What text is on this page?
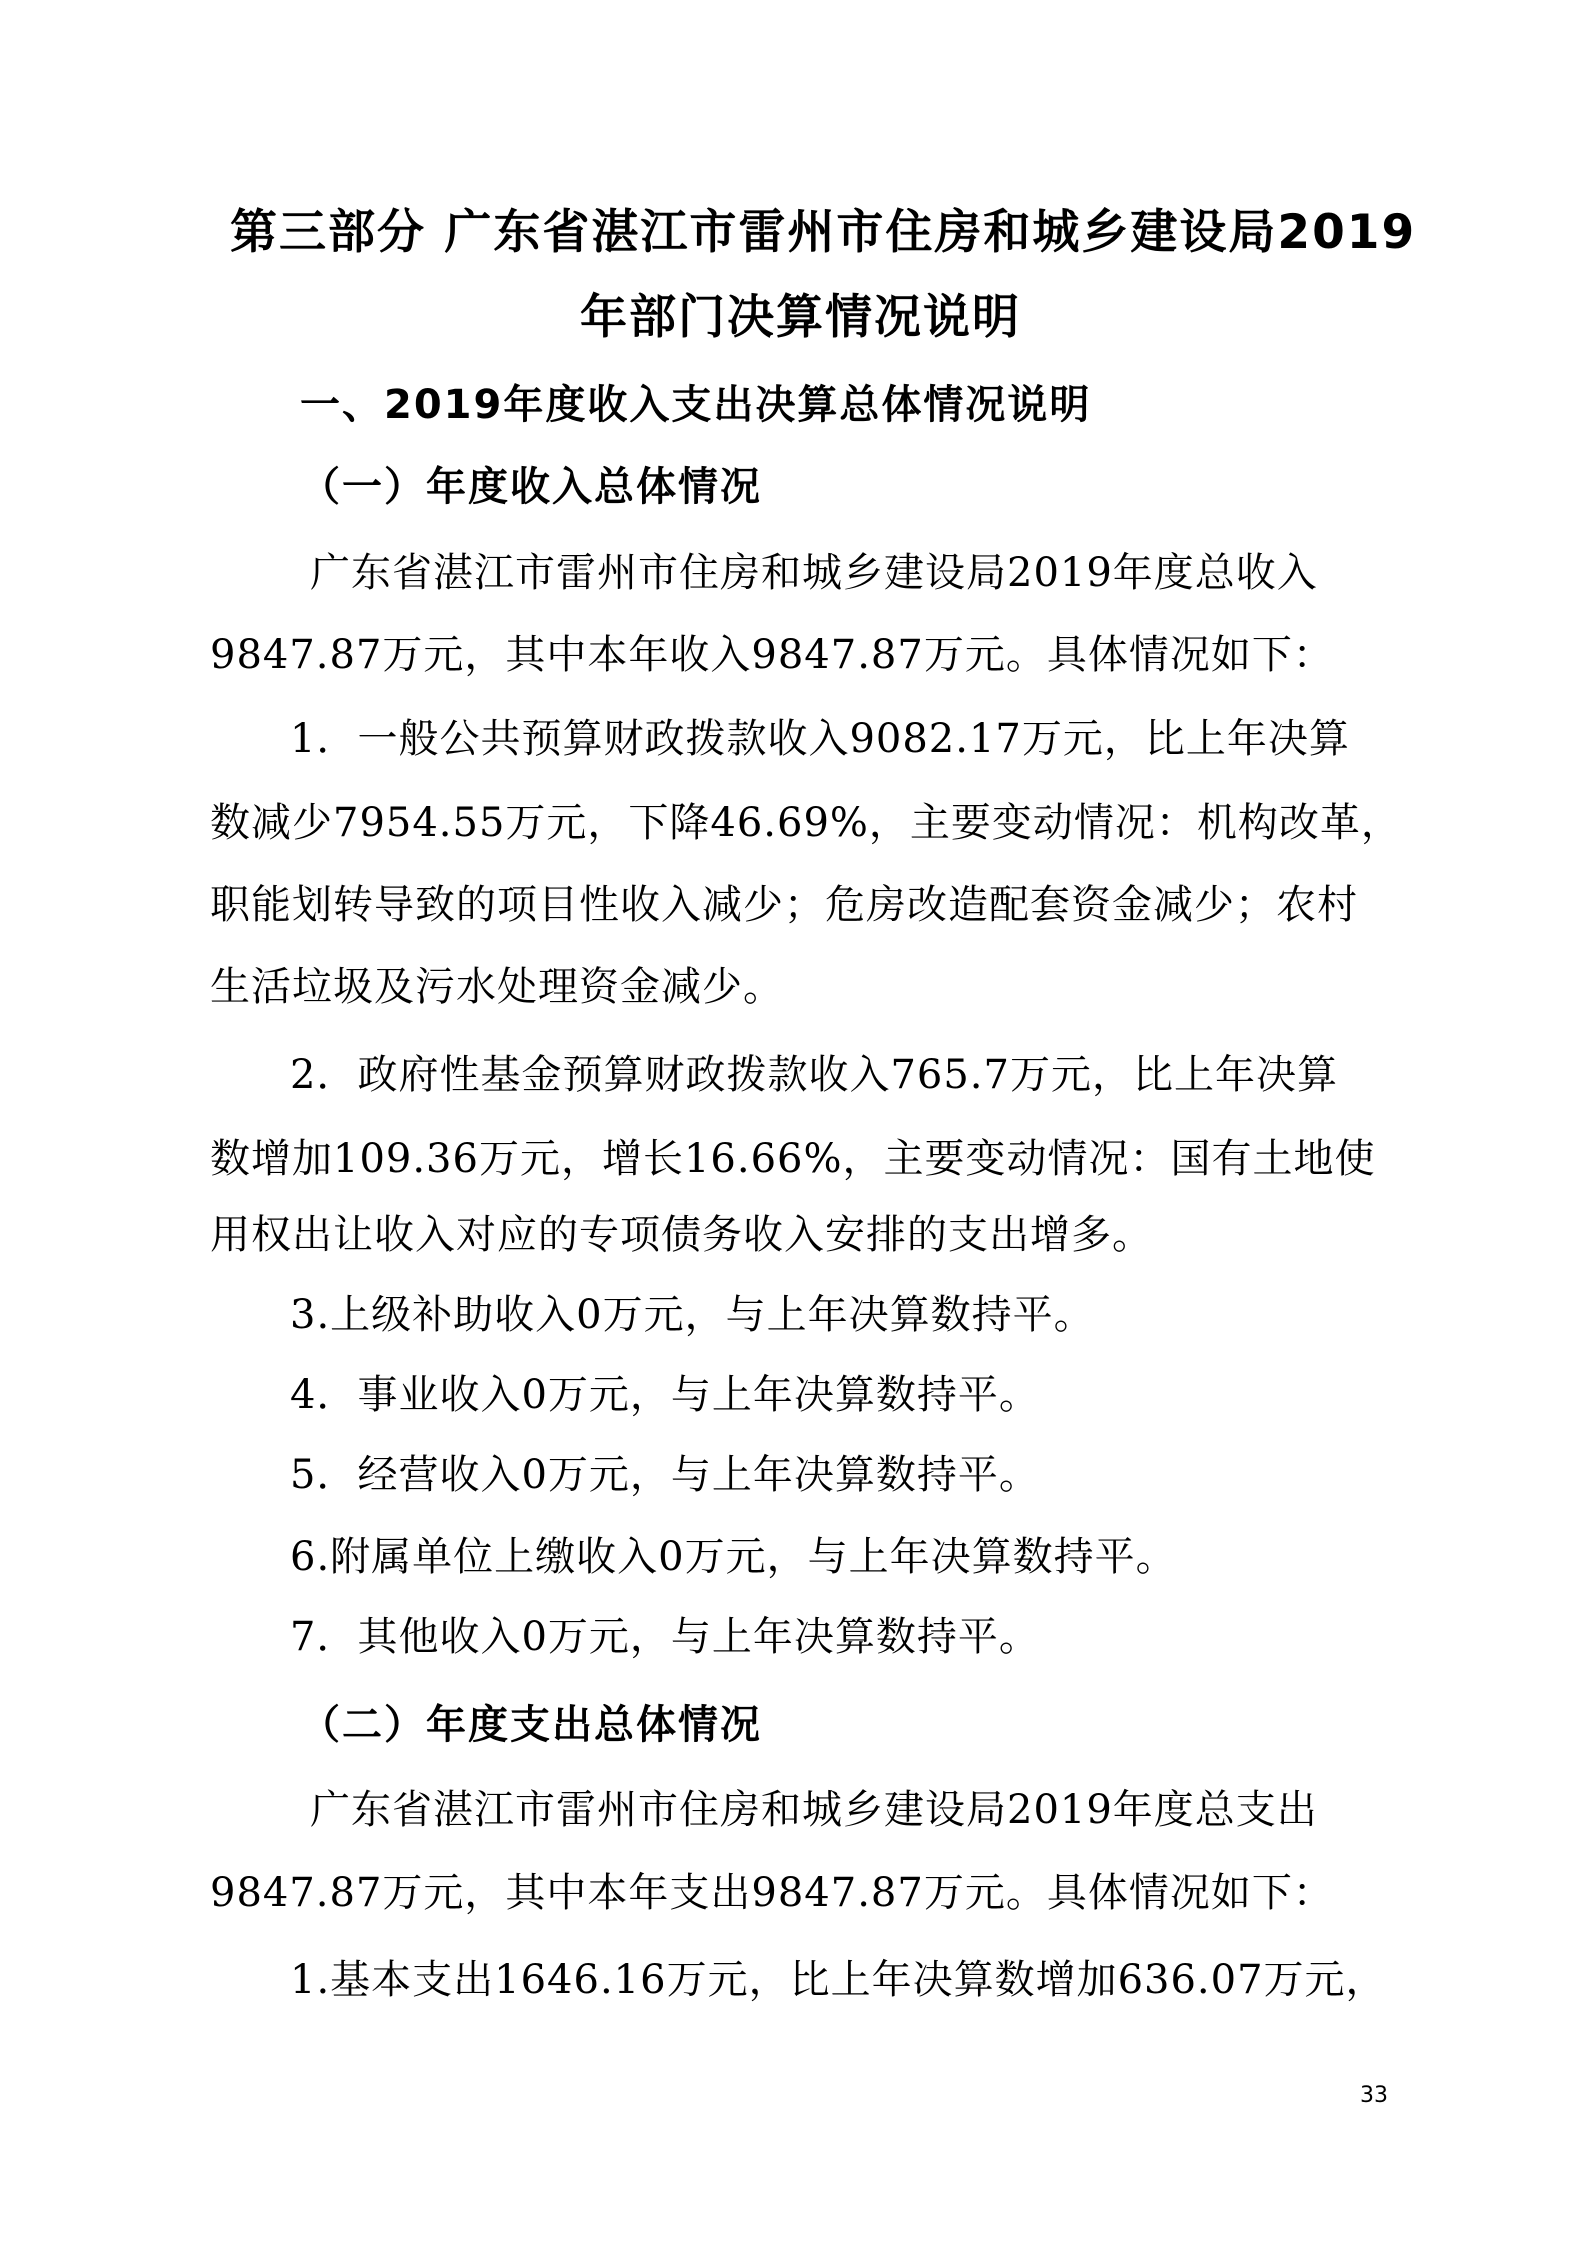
第三部分 广东省湛江市雷州市住房和城乡建设局2019
年部门决算情况说明
一、2019年度收入支出决算总体情况说明
（一）年度收入总体情况
广东省湛江市雷州市住房和城乡建设局2019年度总收入
9847.87万元，其中本年收入9847.87万元。具体情况如下：
1．一般公共预算财政拨款收入9082.17万元，比上年决算
数减少7954.55万元，下降46.69%，主要变动情况：机构改革，
职能划转导致的项目性收入减少；危房改造配套资金减少；农村
生活垃圾及污水处理资金减少。
2．政府性基金预算财政拨款收入765.7万元，比上年决算
数增加109.36万元，增长16.66%，主要变动情况：国有土地使
用权出让收入对应的专项债务收入安排的支出增多。
3.上级补助收入0万元，与上年决算数持平。
4．事业收入0万元，与上年决算数持平。
5．经营收入0万元，与上年决算数持平。
6.附属单位上缴收入0万元，与上年决算数持平。
7．其他收入0万元，与上年决算数持平。
（二）年度支出总体情况
广东省湛江市雷州市住房和城乡建设局2019年度总支出
9847.87万元，其中本年支出9847.87万元。具体情况如下：
1.基本支出1646.16万元，比上年决算数增加636.07万元，
33
